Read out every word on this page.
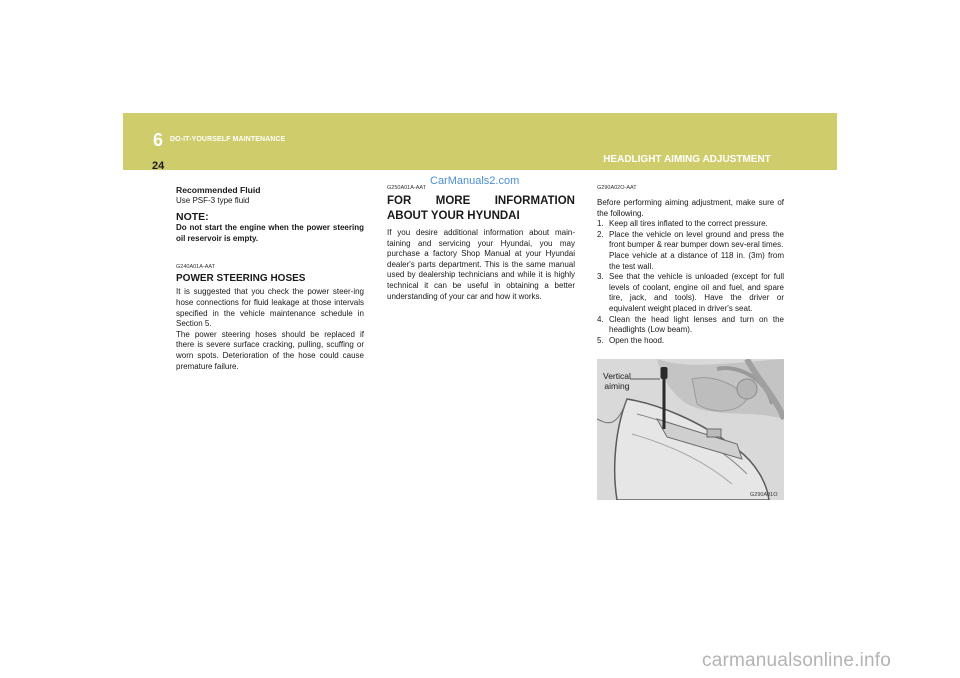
6 DO-IT-YOURSELF MAINTENANCE
24
HEADLIGHT AIMING ADJUSTMENT
CarManuals2.com

Recommended Fluid

Use PSF-3 type fluid

NOTE:

Do not start the engine when the power steering oil reservoir is empty.

G240A01A-AAT

POWER STEERING HOSES

It is suggested that you check the power steer-ing hose connections for fluid leakage at those intervals specified in the vehicle maintenance schedule in Section 5.

The power steering hoses should be replaced if there is severe surface cracking, pulling, scuffing or worn spots. Deterioration of the hose could cause premature failure.

G250A01A-AAT

FOR MORE INFORMATION ABOUT YOUR HYUNDAI

If you desire additional information about main-taining and servicing your Hyundai, you may purchase a factory Shop Manual at your Hyundai dealer's parts department. This is the same manual used by dealership technicians and while it is highly technical it can be useful in obtaining a better understanding of your car and how it works.

G290A02O-AAT

Before performing aiming adjustment, make sure of the following.

1. Keep all tires inflated to the correct pressure.
2. Place the vehicle on level ground and press the front bumper & rear bumper down sev-eral times.
Place vehicle at a distance of 118 in. (3m) from the test wall.
3. See that the vehicle is unloaded (except for full levels of coolant, engine oil and fuel, and spare tire, jack, and tools). Have the driver or equivalent weight placed in driver's seat.
4. Clean the head light lenses and turn on the headlights (Low beam).
5. Open the hood.
Vertical
aiming
G290A01O
carmanualsonline.info
